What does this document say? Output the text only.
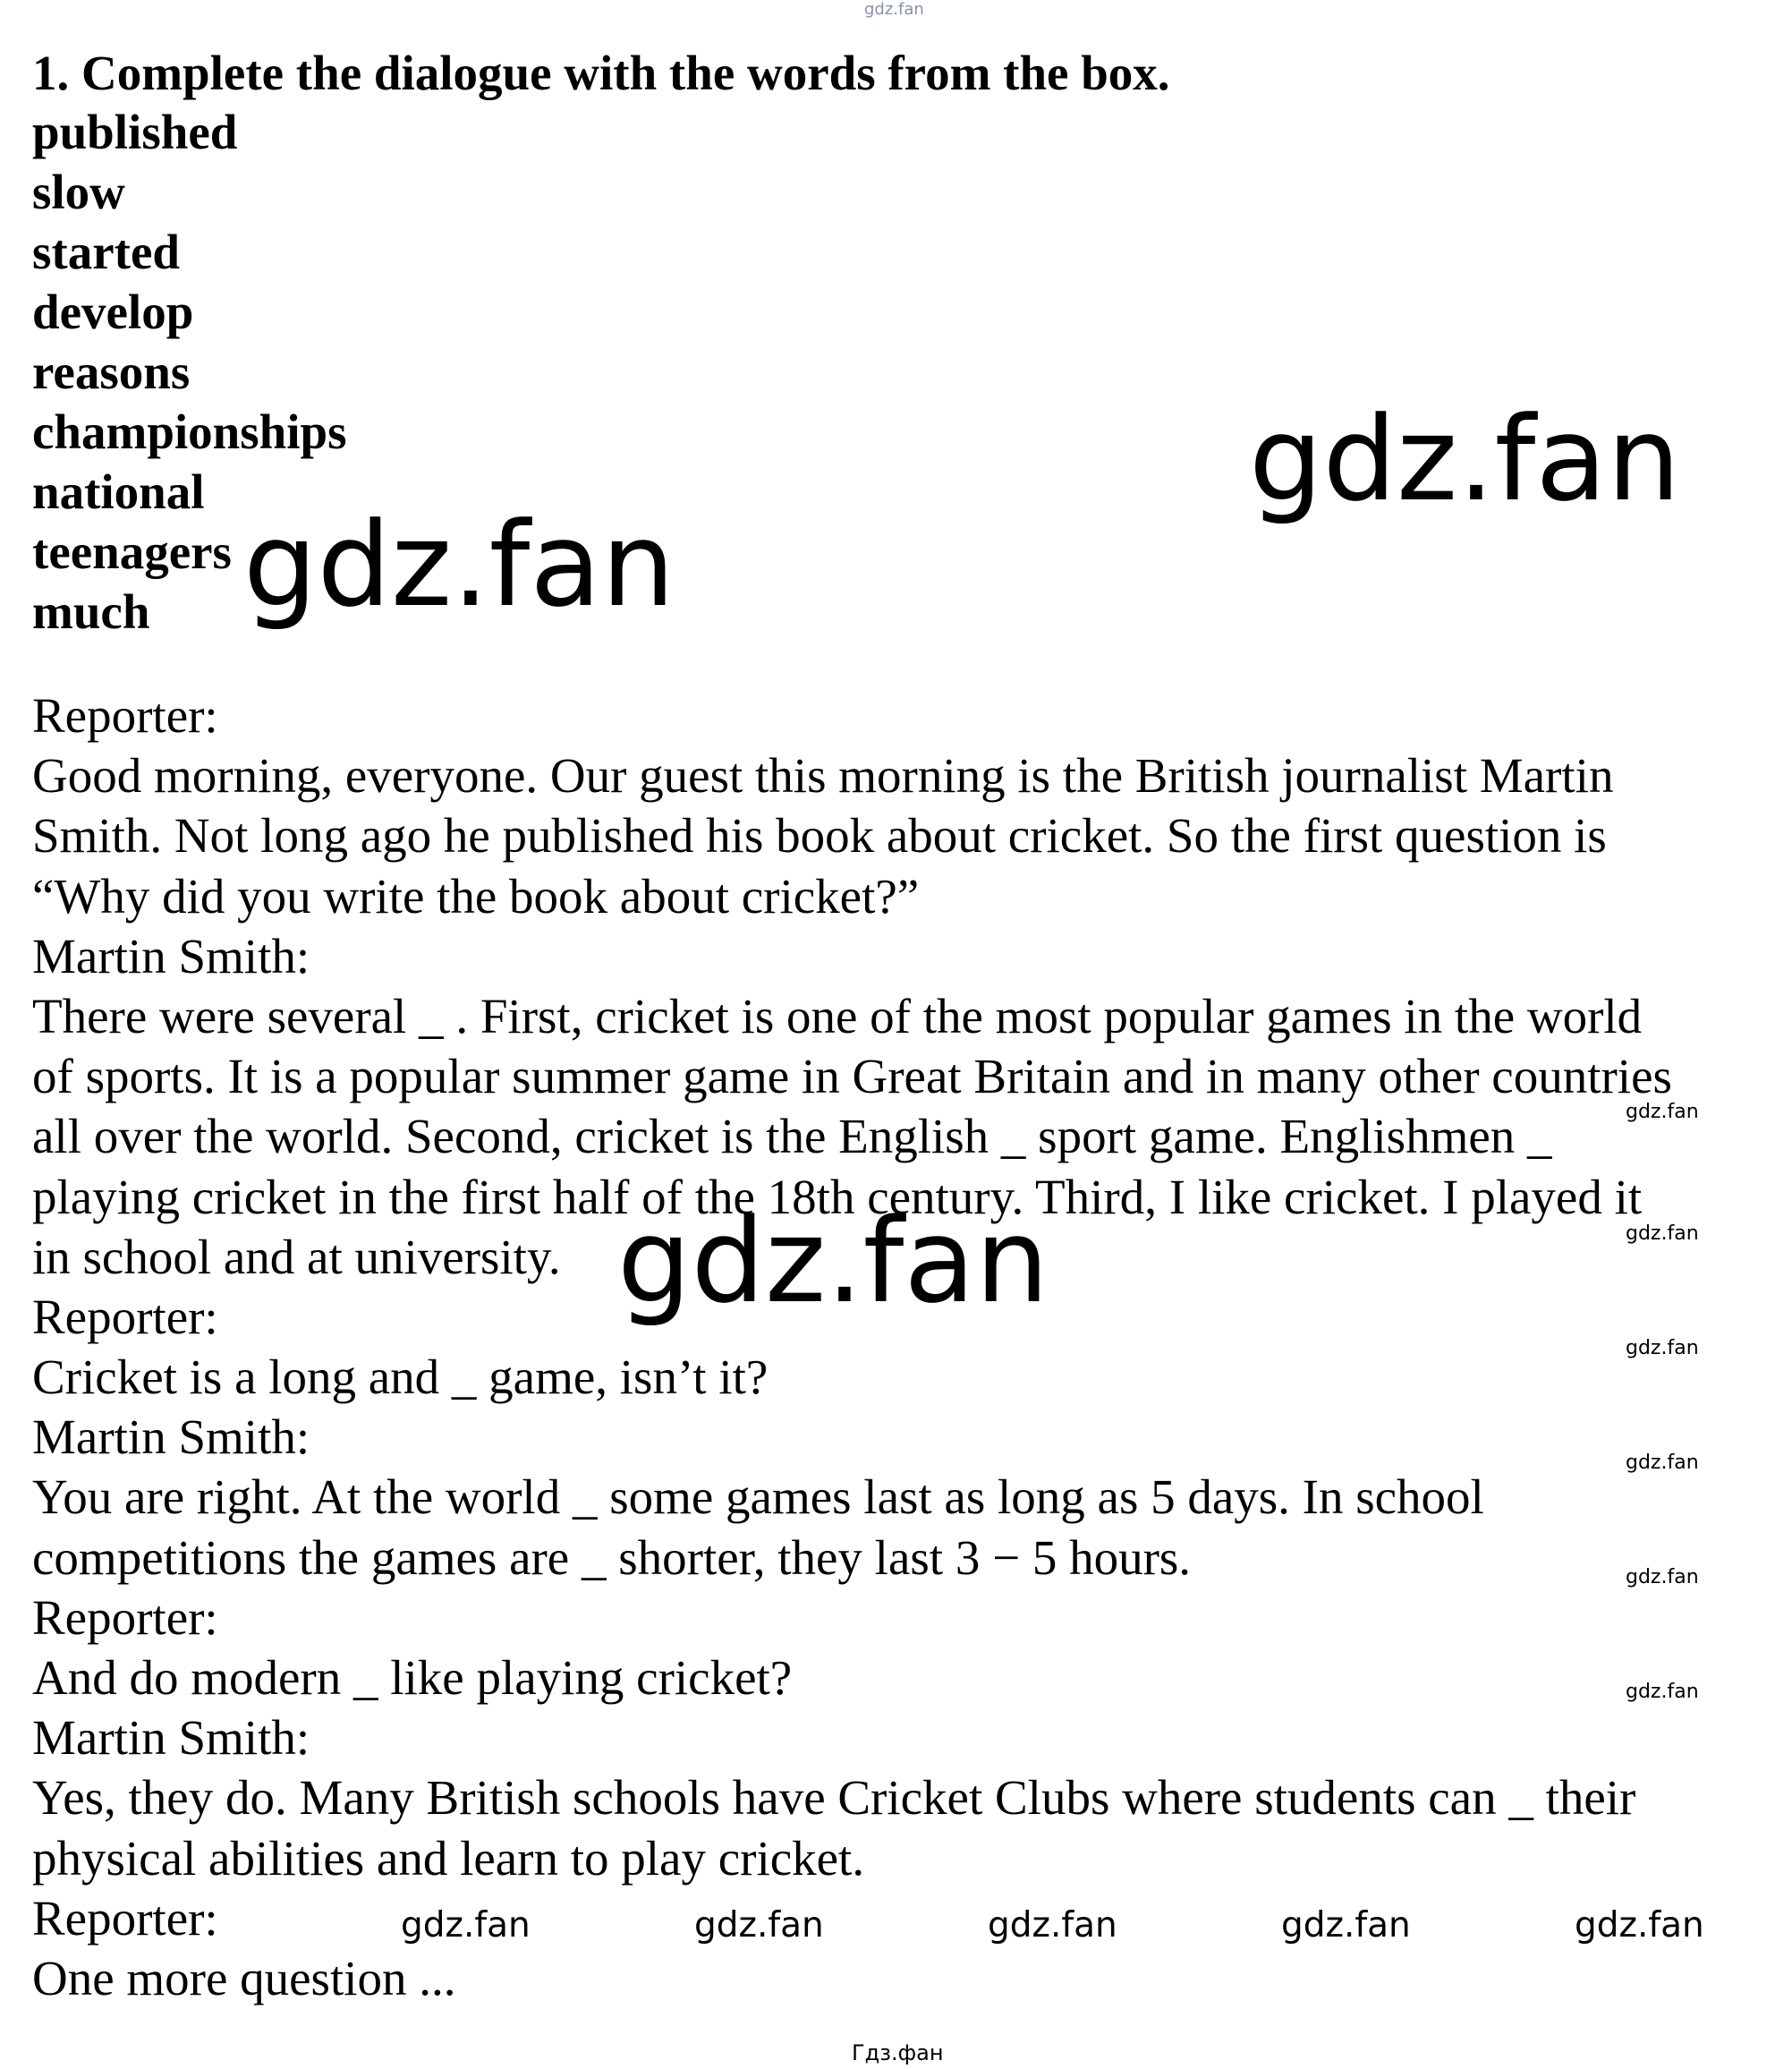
gdz.fan
1. Complete the dialogue with the words from the box.
published
slow
started
develop
reasons
championships
national
teenagers
much
Reporter:
Good morning, everyone. Our guest this morning is the British journalist Martin
Smith. Not long ago he published his book about cricket. So the first question is
“Why did you write the book about cricket?”
Martin Smith:
There were several _ . First, cricket is one of the most popular games in the world
of sports. It is a popular summer game in Great Britain and in many other countries
all over the world. Second, cricket is the English _ sport game. Englishmen _
playing cricket in the first half of the 18th century. Third, I like cricket. I played it
in school and at university.
Reporter:
Cricket is a long and _ game, isn’t it?
Martin Smith:
You are right. At the world _ some games last as long as 5 days. In school
competitions the games are _ shorter, they last 3 − 5 hours.
Reporter:
And do modern _ like playing cricket?
Martin Smith:
Yes, they do. Many British schools have Cricket Clubs where students can _ their
physical abilities and learn to play cricket.
Reporter:
One more question ...
gdz.fan
gdz.fan
gdz.fan
gdz.fan
gdz.fan
gdz.fan
gdz.fan
gdz.fan
gdz.fan
gdz.fan	gdz.fan	gdz.fan	gdz.fan	gdz.fan
Гдз.фан
